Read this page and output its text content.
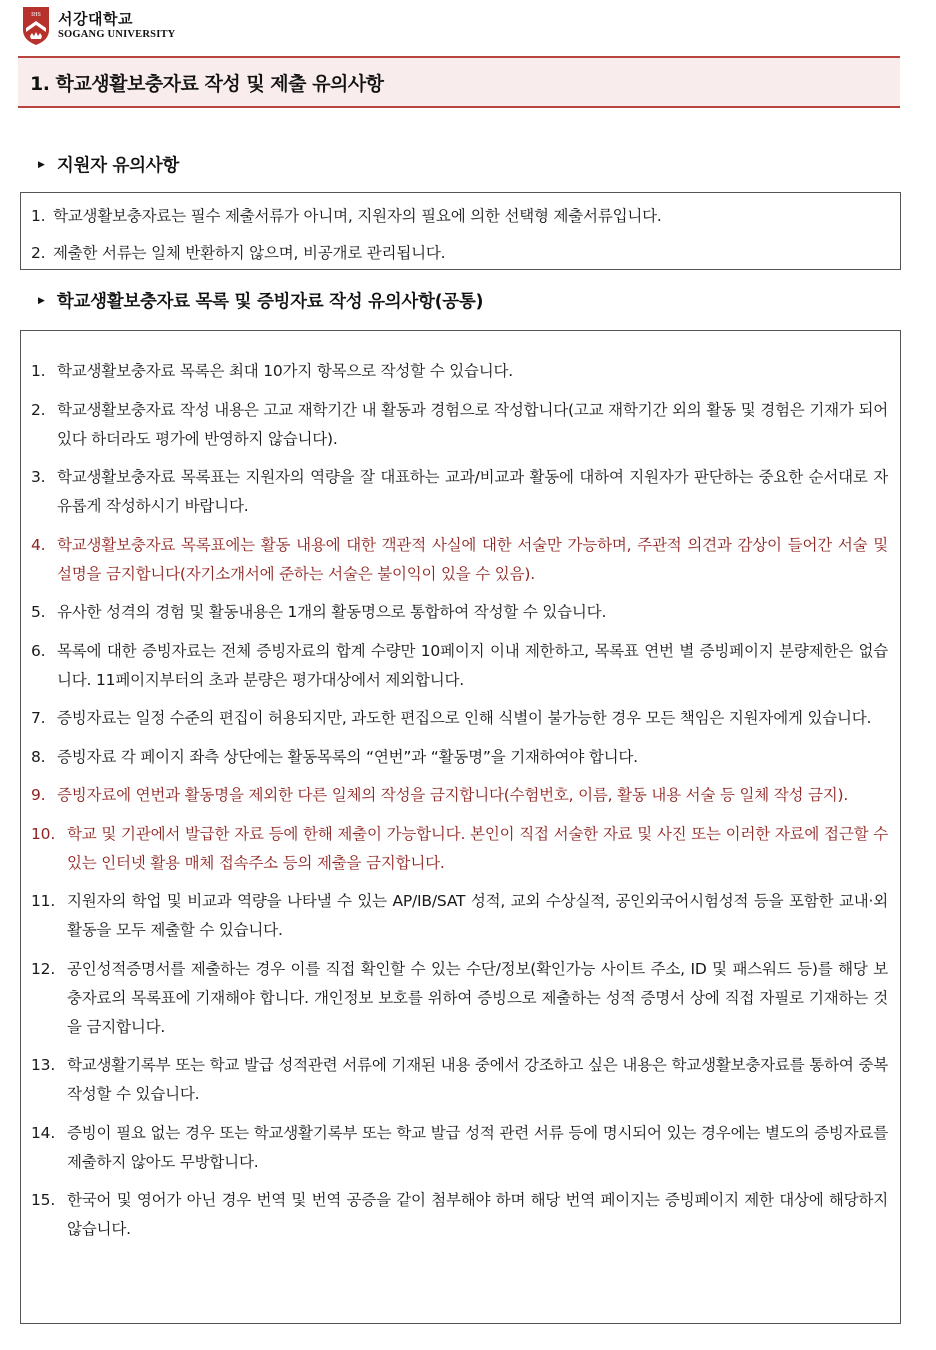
IHS 서강대학교
SOGANG UNIVERSITY
1. 학교생활보충자료 작성 및 제출 유의사항
▶ 지원자 유의사항
1. 학교생활보충자료는 필수 제출서류가 아니며, 지원자의 필요에 의한 선택형 제출서류입니다.
2. 제출한 서류는 일체 반환하지 않으며, 비공개로 관리됩니다.
▶ 학교생활보충자료 목록 및 증빙자료 작성 유의사항(공통)
1. 학교생활보충자료 목록은 최대 10가지 항목으로 작성할 수 있습니다.
2. 학교생활보충자료 작성 내용은 고교 재학기간 내 활동과 경험으로 작성합니다(고교 재학기간 외의 활동 및 경험은 기재가 되어 있다 하더라도 평가에 반영하지 않습니다).
3. 학교생활보충자료 목록표는 지원자의 역량을 잘 대표하는 교과/비교과 활동에 대하여 지원자가 판단하는 중요한 순서대로 자유롭게 작성하시기 바랍니다.
4. 학교생활보충자료 목록표에는 활동 내용에 대한 객관적 사실에 대한 서술만 가능하며, 주관적 의견과 감상이 들어간 서술 및 설명을 금지합니다(자기소개서에 준하는 서술은 불이익이 있을 수 있음).
5. 유사한 성격의 경험 및 활동내용은 1개의 활동명으로 통합하여 작성할 수 있습니다.
6. 목록에 대한 증빙자료는 전체 증빙자료의 합계 수량만 10페이지 이내 제한하고, 목록표 연번 별 증빙페이지 분량제한은 없습니다. 11페이지부터의 초과 분량은 평가대상에서 제외합니다.
7. 증빙자료는 일정 수준의 편집이 허용되지만, 과도한 편집으로 인해 식별이 불가능한 경우 모든 책임은 지원자에게 있습니다.
8. 증빙자료 각 페이지 좌측 상단에는 활동목록의 “연번”과 “활동명”을 기재하여야 합니다.
9. 증빙자료에 연번과 활동명을 제외한 다른 일체의 작성을 금지합니다(수험번호, 이름, 활동 내용 서술 등 일체 작성 금지).
10. 학교 및 기관에서 발급한 자료 등에 한해 제출이 가능합니다. 본인이 직접 서술한 자료 및 사진 또는 이러한 자료에 접근할 수 있는 인터넷 활용 매체 접속주소 등의 제출을 금지합니다.
11. 지원자의 학업 및 비교과 역량을 나타낼 수 있는 AP/IB/SAT 성적, 교외 수상실적, 공인외국어시험성적 등을 포함한 교내·외 활동을 모두 제출할 수 있습니다.
12. 공인성적증명서를 제출하는 경우 이를 직접 확인할 수 있는 수단/정보(확인가능 사이트 주소, ID 및 패스워드 등)를 해당 보충자료의 목록표에 기재해야 합니다. 개인정보 보호를 위하여 증빙으로 제출하는 성적 증명서 상에 직접 자필로 기재하는 것을 금지합니다.
13. 학교생활기록부 또는 학교 발급 성적관련 서류에 기재된 내용 중에서 강조하고 싶은 내용은 학교생활보충자료를 통하여 중복 작성할 수 있습니다.
14. 증빙이 필요 없는 경우 또는 학교생활기록부 또는 학교 발급 성적 관련 서류 등에 명시되어 있는 경우에는 별도의 증빙자료를 제출하지 않아도 무방합니다.
15. 한국어 및 영어가 아닌 경우 번역 및 번역 공증을 같이 첨부해야 하며 해당 번역 페이지는 증빙페이지 제한 대상에 해당하지 않습니다.
